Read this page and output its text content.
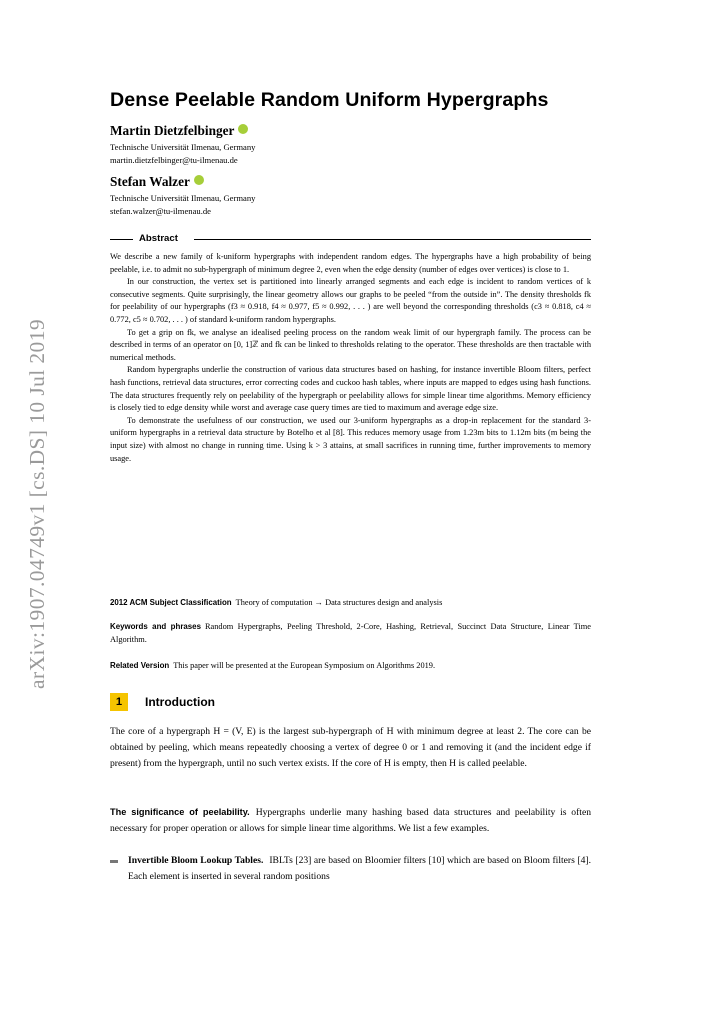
arXiv:1907.04749v1 [cs.DS] 10 Jul 2019
Dense Peelable Random Uniform Hypergraphs
Martin Dietzfelbinger
Technische Universität Ilmenau, Germany
martin.dietzfelbinger@tu-ilmenau.de
Stefan Walzer
Technische Universität Ilmenau, Germany
stefan.walzer@tu-ilmenau.de
Abstract

We describe a new family of k-uniform hypergraphs with independent random edges. The hypergraphs have a high probability of being peelable, i.e. to admit no sub-hypergraph of minimum degree 2, even when the edge density (number of edges over vertices) is close to 1.

In our construction, the vertex set is partitioned into linearly arranged segments and each edge is incident to random vertices of k consecutive segments. Quite surprisingly, the linear geometry allows our graphs to be peeled “from the outside in”. The density thresholds fk for peelability of our hypergraphs (f3 ≈ 0.918, f4 ≈ 0.977, f5 ≈ 0.992, . . . ) are well beyond the corresponding thresholds (c3 ≈ 0.818, c4 ≈ 0.772, c5 ≈ 0.702, . . . ) of standard k-uniform random hypergraphs.

To get a grip on fk, we analyse an idealised peeling process on the random weak limit of our hypergraph family. The process can be described in terms of an operator on [0, 1]ℤ and fk can be linked to thresholds relating to the operator. These thresholds are then tractable with numerical methods.

Random hypergraphs underlie the construction of various data structures based on hashing, for instance invertible Bloom filters, perfect hash functions, retrieval data structures, error correcting codes and cuckoo hash tables, where inputs are mapped to edges using hash functions. The data structures frequently rely on peelability of the hypergraph or peelability allows for simple linear time algorithms. Memory efficiency is closely tied to edge density while worst and average case query times are tied to maximum and average edge size.

To demonstrate the usefulness of our construction, we used our 3-uniform hypergraphs as a drop-in replacement for the standard 3-uniform hypergraphs in a retrieval data structure by Botelho et al [8]. This reduces memory usage from 1.23m bits to 1.12m bits (m being the input size) with almost no change in running time. Using k > 3 attains, at small sacrifices in running time, further improvements to memory usage.

2012 ACM Subject Classification Theory of computation → Data structures design and analysis
Keywords and phrases Random Hypergraphs, Peeling Threshold, 2-Core, Hashing, Retrieval, Succinct Data Structure, Linear Time Algorithm.
Related Version This paper will be presented at the European Symposium on Algorithms 2019.
1	Introduction

The core of a hypergraph H = (V, E) is the largest sub-hypergraph of H with minimum degree at least 2. The core can be obtained by peeling, which means repeatedly choosing a vertex of degree 0 or 1 and removing it (and the incident edge if present) from the hypergraph, until no such vertex exists. If the core of H is empty, then H is called peelable.

The significance of peelability. Hypergraphs underlie many hashing based data structures and peelability is often necessary for proper operation or allows for simple linear time algorithms. We list a few examples.

Invertible Bloom Lookup Tables. IBLTs [23] are based on Bloomier filters [10] which are based on Bloom filters [4]. Each element is inserted in several random positions
